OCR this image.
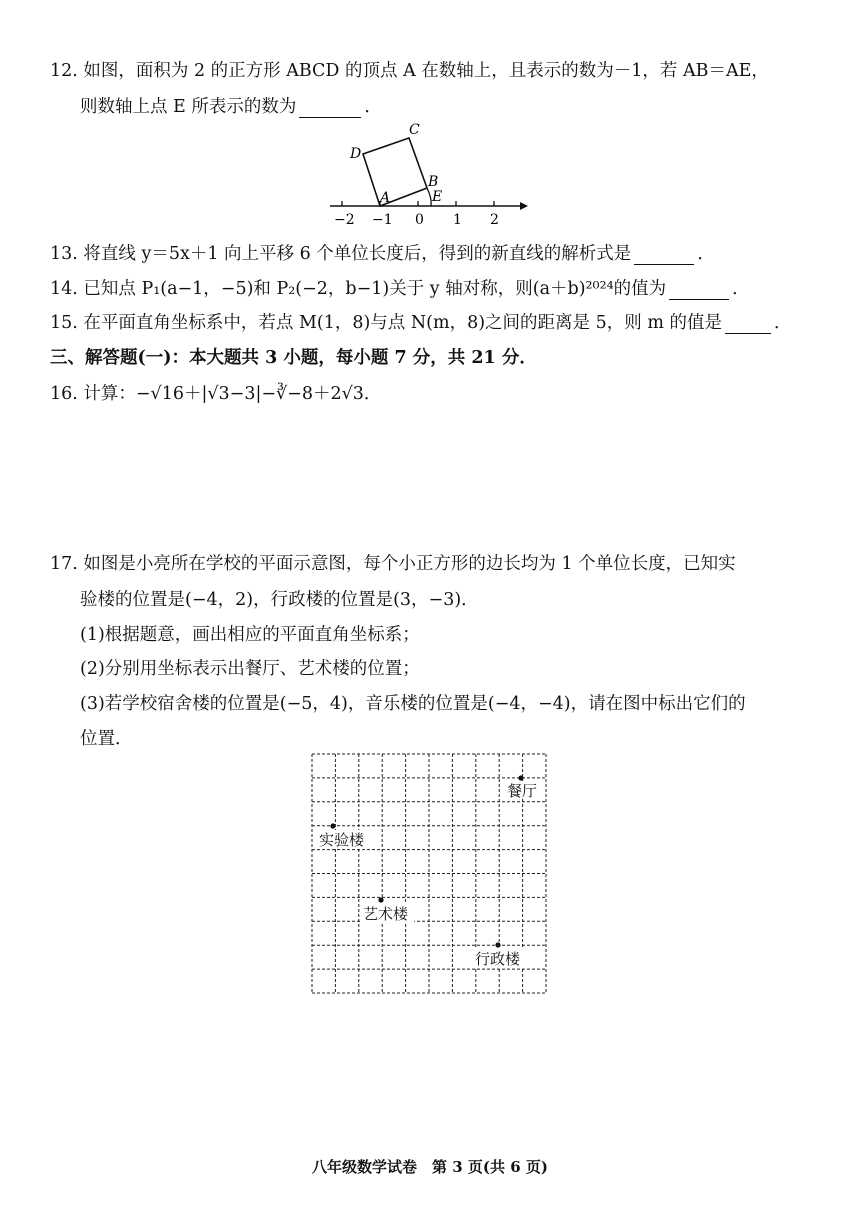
12. 如图，面积为 2 的正方形 ABCD 的顶点 A 在数轴上，且表示的数为－1，若 AB＝AE，
则数轴上点 E 所表示的数为	．
−2 −1 0 1 2
A
B
C
D
E
13. 将直线 y＝5x＋1 向上平移 6 个单位长度后，得到的新直线的解析式是	．
14. 已知点 P₁(a−1，−5)和 P₂(−2，b−1)关于 y 轴对称，则(a＋b)²⁰²⁴的值为	．
15. 在平面直角坐标系中，若点 M(1，8)与点 N(m，8)之间的距离是 5，则 m 的值是	．
三、解答题(一)：本大题共 3 小题，每小题 7 分，共 21 分．
16. 计算：−√16＋|√3−3|−∛−8＋2√3．
17. 如图是小亮所在学校的平面示意图，每个小正方形的边长均为 1 个单位长度，已知实
验楼的位置是(−4，2)，行政楼的位置是(3，−3)．
(1)根据题意，画出相应的平面直角坐标系；
(2)分别用坐标表示出餐厅、艺术楼的位置；
(3)若学校宿舍楼的位置是(−5，4)，音乐楼的位置是(−4，−4)，请在图中标出它们的
位置．
餐厅
实验楼
艺术楼
行政楼
八年级数学试卷　第 3 页(共 6 页)
